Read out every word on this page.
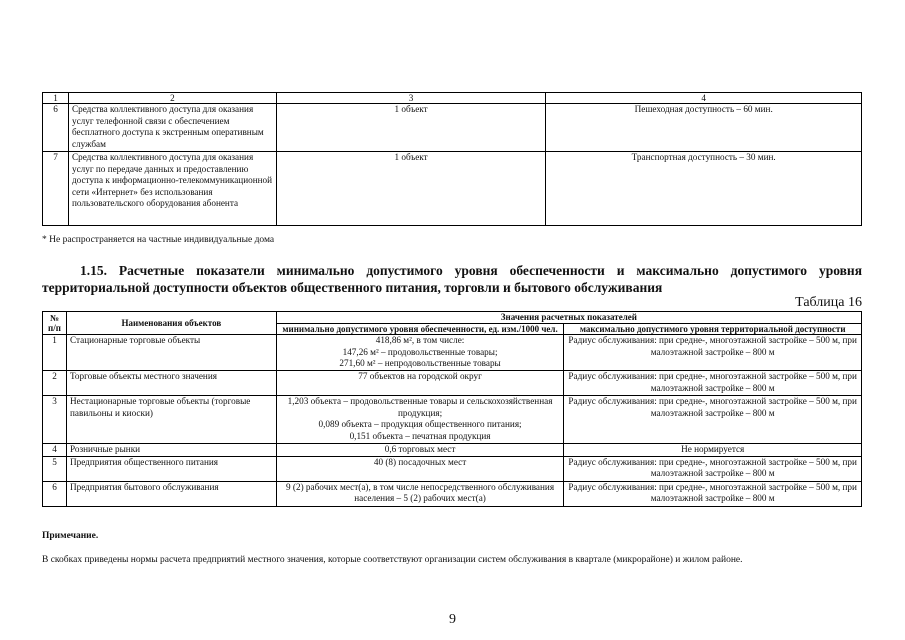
1	2	3	4
6	Средства коллективного доступа для оказания услуг телефонной связи с обеспечением бесплатного доступа к экстренным оперативным службам	1 объект	Пешеходная доступность – 60 мин.
7	Средства коллективного доступа для оказания услуг по передаче данных и предоставлению доступа к информационно-телекоммуникационной сети «Интернет» без использования пользовательского оборудования абонента	1 объект	Транспортная доступность – 30 мин.
* Не распространяется на частные индивидуальные дома
1.15. Расчетные показатели минимально допустимого уровня обеспеченности и максимально допустимого уровня территориальной доступности объектов общественного питания, торговли и бытового обслуживания
Таблица 16
№ п/п	Наименования объектов	Значения расчетных показателей	
		минимально допустимого уровня обеспеченности, ед. изм./1000 чел.	максимально допустимого уровня территориальной доступности
1	Стационарные торговые объекты	418,86 м², в том числе:
147,26 м² – продовольственные товары;
271,60 м² – непродовольственные товары	Радиус обслуживания: при средне-, многоэтажной застройке – 500 м, при малоэтажной застройке – 800 м
2	Торговые объекты местного значения	77 объектов на городской округ	Радиус обслуживания: при средне-, многоэтажной застройке – 500 м, при малоэтажной застройке – 800 м
3	Нестационарные торговые объекты (торговые павильоны и киоски)	1,203 объекта – продовольственные товары и сельскохозяйственная продукция;
0,089 объекта – продукция общественного питания;
0,151 объекта – печатная продукция	Радиус обслуживания: при средне-, многоэтажной застройке – 500 м, при малоэтажной застройке – 800 м
4	Розничные рынки	0,6 торговых мест	Не нормируется
5	Предприятия общественного питания	40 (8) посадочных мест	Радиус обслуживания: при средне-, многоэтажной застройке – 500 м, при малоэтажной застройке – 800 м
6	Предприятия бытового обслуживания	9 (2) рабочих мест(а), в том числе непосредственного обслуживания населения – 5 (2) рабочих мест(а)	Радиус обслуживания: при средне-, многоэтажной застройке – 500 м, при малоэтажной застройке – 800 м
Примечание.
В скобках приведены нормы расчета предприятий местного значения, которые соответствуют организации систем обслуживания в квартале (микрорайоне) и жилом районе.
9
